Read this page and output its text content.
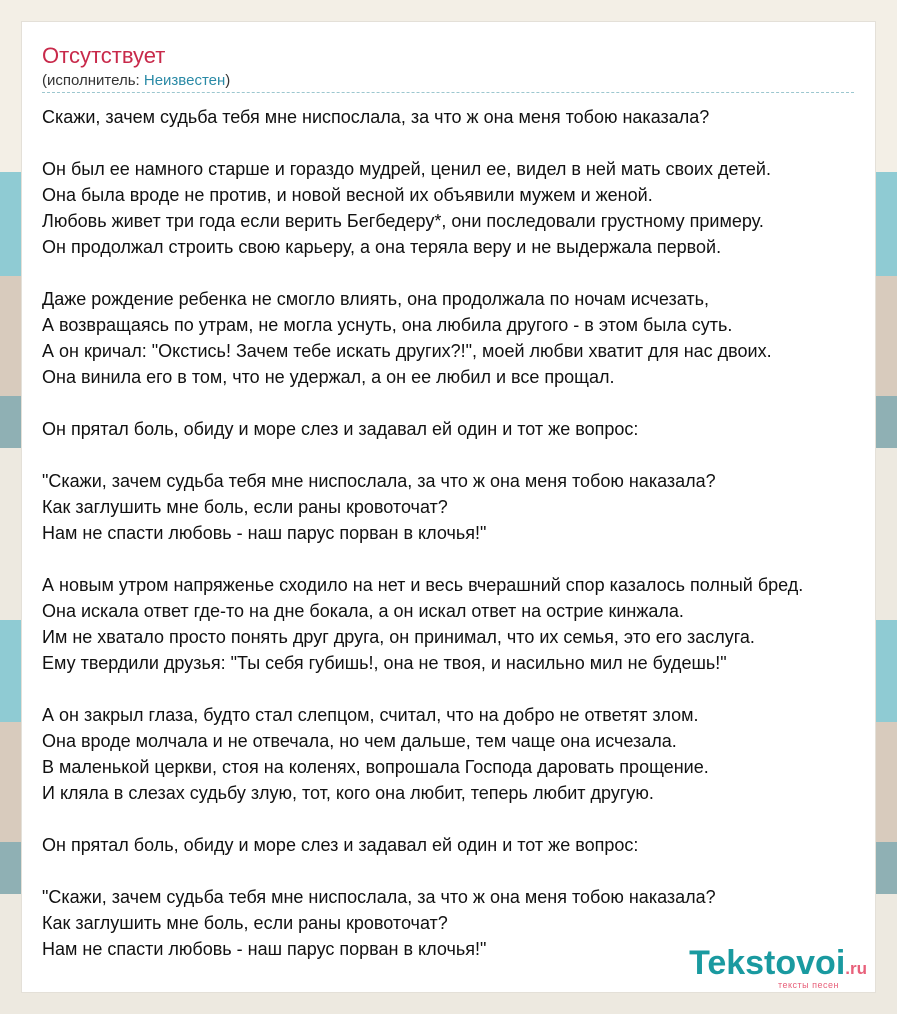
Отсутствует
(исполнитель: Неизвестен)
Скажи, зачем судьба тебя мне ниспослала, за что ж она меня тобою наказала?
Он был ее намного старше и гораздо мудрей, ценил ее, видел в ней мать своих детей.
Она была вроде не против, и новой весной их объявили мужем и женой.
Любовь живет три года если верить Бегбедеру*, они последовали грустному примеру.
Он продолжал строить свою карьеру, а она теряла веру и не выдержала первой.
Даже рождение ребенка не смогло влиять, она продолжала по ночам исчезать,
А возвращаясь по утрам, не могла уснуть, она любила другого - в этом была суть.
А он кричал: "Окстись! Зачем тебе искать других?!", моей любви хватит для нас двоих.
Она винила его в том, что не удержал, а он ее любил и все прощал.
Он прятал боль, обиду и море слез и задавал ей один и тот же вопрос:
"Скажи, зачем судьба тебя мне ниспослала, за что ж она меня тобою наказала?
Как заглушить мне боль, если раны кровоточат?
Нам не спасти любовь - наш парус порван в клочья!"
А новым утром напряженье сходило на нет и весь вчерашний спор казалось полный бред.
Она искала ответ где-то на дне бокала, а он искал ответ на острие кинжала.
Им не хватало просто понять друг друга, он принимал, что их семья, это его заслуга.
Ему твердили друзья: "Ты себя губишь!, она не твоя, и насильно мил не будешь!"
А он закрыл глаза, будто стал слепцом, считал, что на добро не ответят злом.
Она вроде молчала и не отвечала, но чем дальше, тем чаще она исчезала.
В маленькой церкви, стоя на коленях, вопрошала Господа даровать прощение.
И кляла в слезах судьбу злую, тот, кого она любит, теперь любит другую.
Он прятал боль, обиду и море слез и задавал ей один и тот же вопрос:
"Скажи, зачем судьба тебя мне ниспослала, за что ж она меня тобою наказала?
Как заглушить мне боль, если раны кровоточат?
Нам не спасти любовь - наш парус порван в клочья!"	Tekstovoi.ru
тексты песен
